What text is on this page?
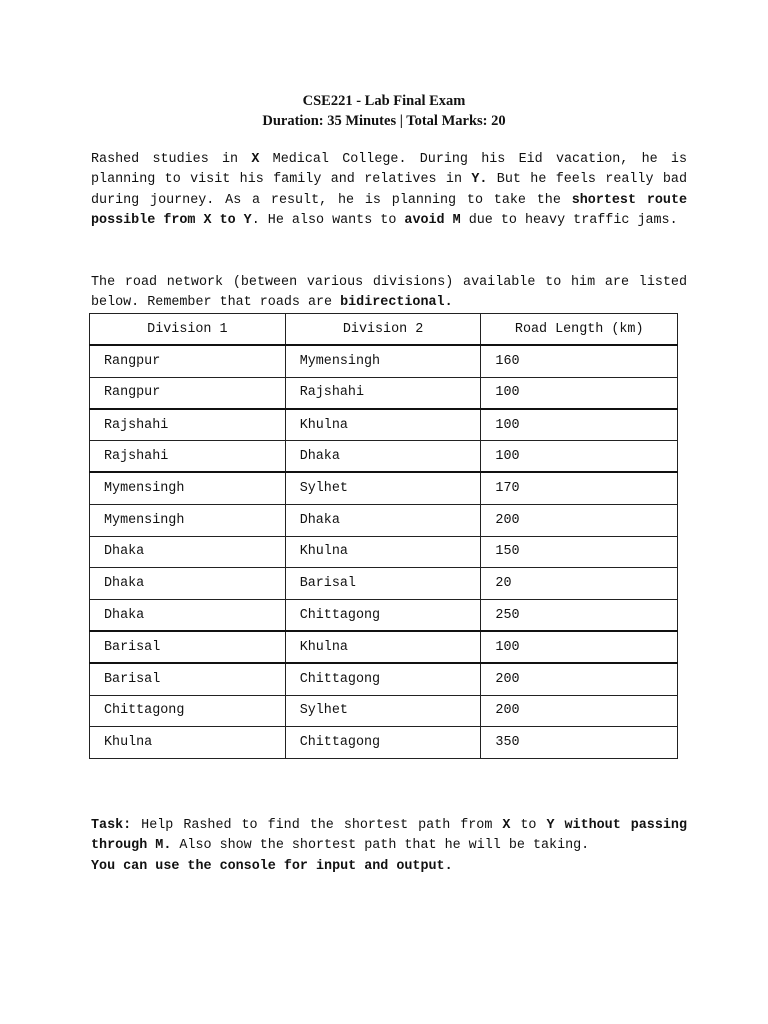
CSE221 - Lab Final Exam
Duration: 35 Minutes | Total Marks: 20

Rashed studies in X Medical College. During his Eid vacation, he is planning to visit his family and relatives in Y. But he feels really bad during journey. As a result, he is planning to take the shortest route possible from X to Y. He also wants to avoid M due to heavy traffic jams.

The road network (between various divisions) available to him are listed below. Remember that roads are bidirectional.

Division 1	Division 2	Road Length (km)
Rangpur	Mymensingh	160
Rangpur	Rajshahi	100
Rajshahi	Khulna	100
Rajshahi	Dhaka	100
Mymensingh	Sylhet	170
Mymensingh	Dhaka	200
Dhaka	Khulna	150
Dhaka	Barisal	20
Dhaka	Chittagong	250
Barisal	Khulna	100
Barisal	Chittagong	200
Chittagong	Sylhet	200
Khulna	Chittagong	350

Task: Help Rashed to find the shortest path from X to Y without passing through M. Also show the shortest path that he will be taking.
You can use the console for input and output.
